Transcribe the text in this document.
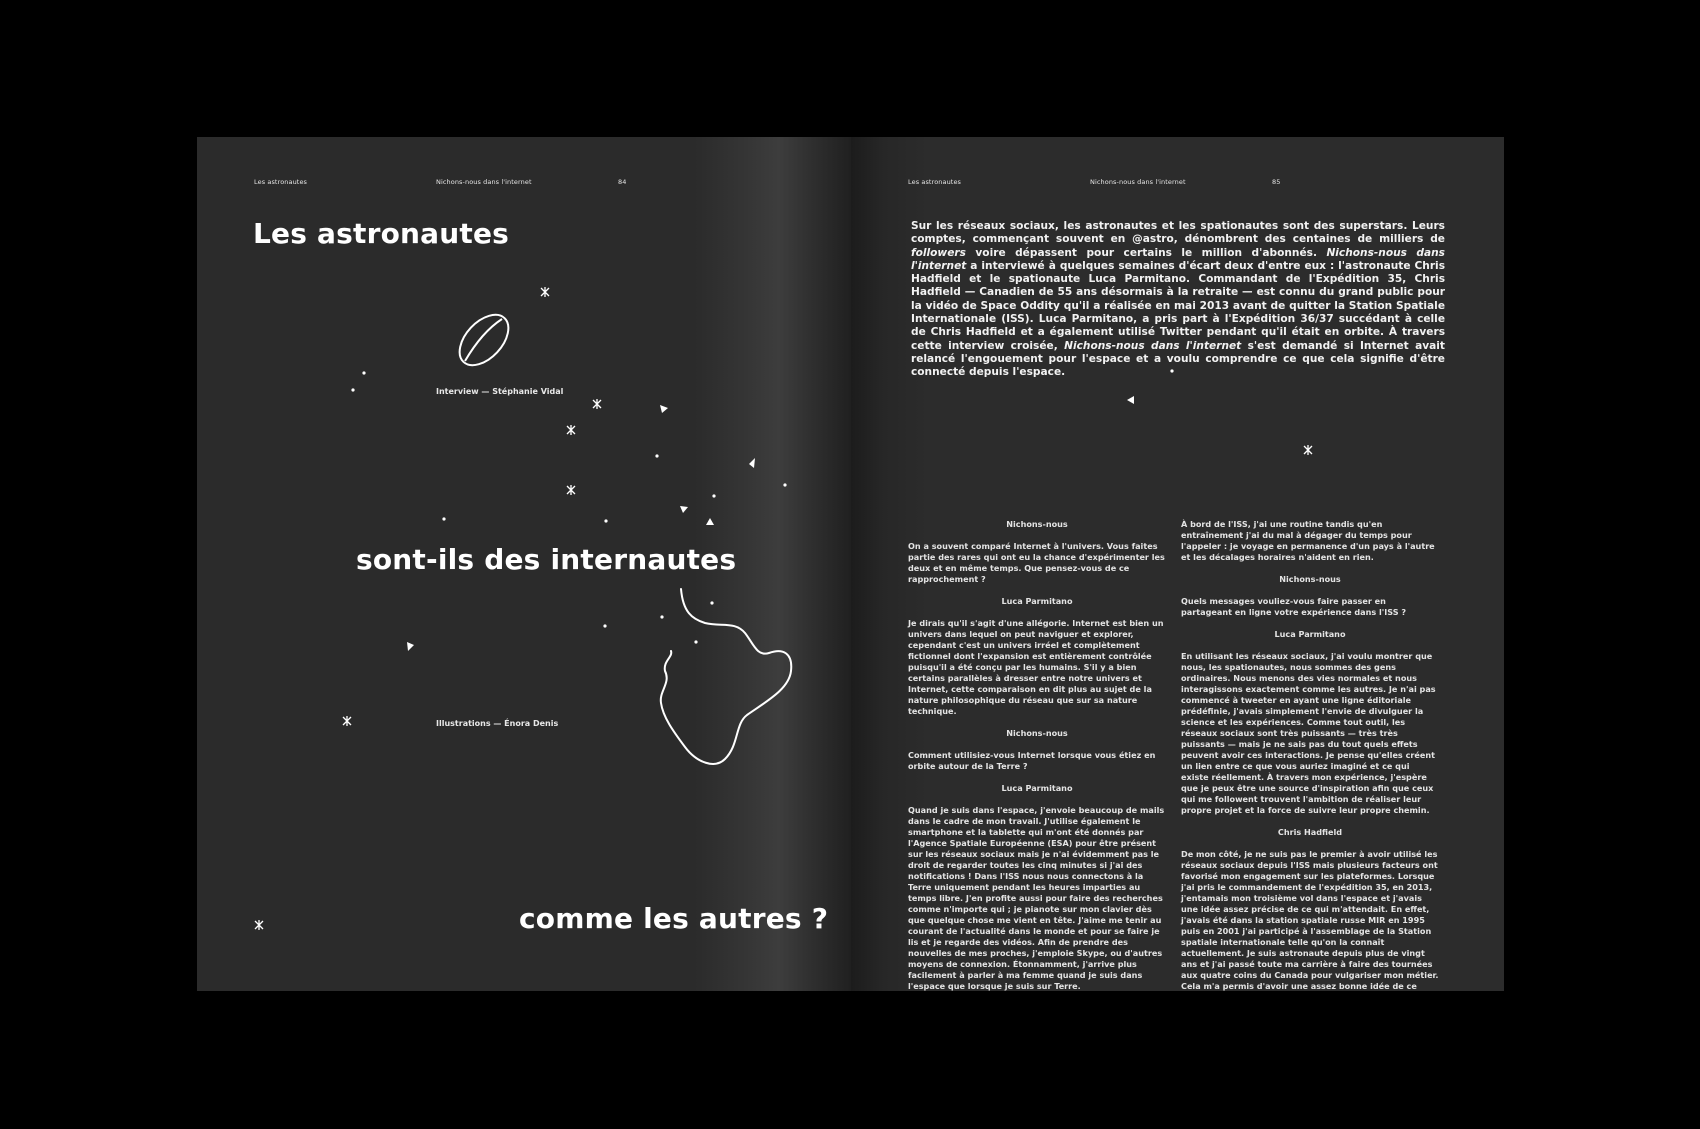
Les astronautes	Nichons-nous dans l'internet	84
Les astronautes
sont-ils des internautes
comme les autres ?
Interview — Stéphanie Vidal
Illustrations — Énora Denis
Les astronautes	Nichons-nous dans l'internet	85
Sur les réseaux sociaux, les astronautes et les spationautes sont des superstars. Leurs comptes, commençant souvent en @astro, dénombrent des centaines de milliers de followers voire dépassent pour certains le million d'abonnés. Nichons-nous dans l'internet a interviewé à quelques semaines d'écart deux d'entre eux : l'astronaute Chris Hadfield et le spationaute Luca Parmitano. Commandant de l'Expédition 35, Chris Hadfield — Canadien de 55 ans désormais à la retraite — est connu du grand public pour la vidéo de Space Oddity qu'il a réalisée en mai 2013 avant de quitter la Station Spatiale Internationale (ISS). Luca Parmitano, a pris part à l'Expédition 36/37 succédant à celle de Chris Hadfield et a également utilisé Twitter pendant qu'il était en orbite. À travers cette interview croisée, Nichons-nous dans l'internet s'est demandé si Internet avait relancé l'engouement pour l'espace et a voulu comprendre ce que cela signifie d'être connecté depuis l'espace.
Nichons-nous

On a souvent comparé Internet à l'univers. Vous faites partie des rares qui ont eu la chance d'expérimenter les deux et en même temps. Que pensez-vous de ce rapprochement ?

Luca Parmitano

Je dirais qu'il s'agit d'une allégorie. Internet est bien un univers dans lequel on peut naviguer et explorer, cependant c'est un univers irréel et complètement fictionnel dont l'expansion est entièrement contrôlée puisqu'il a été conçu par les humains. S'il y a bien certains parallèles à dresser entre notre univers et Internet, cette comparaison en dit plus au sujet de la nature philosophique du réseau que sur sa nature technique.

Nichons-nous

Comment utilisiez-vous Internet lorsque vous étiez en orbite autour de la Terre ?

Luca Parmitano

Quand je suis dans l'espace, j'envoie beaucoup de mails dans le cadre de mon travail. J'utilise également le smartphone et la tablette qui m'ont été donnés par l'Agence Spatiale Européenne (ESA) pour être présent sur les réseaux sociaux mais je n'ai évidemment pas le droit de regarder toutes les cinq minutes si j'ai des notifications ! Dans l'ISS nous nous connectons à la Terre uniquement pendant les heures imparties au temps libre. J'en profite aussi pour faire des recherches comme n'importe qui ; je pianote sur mon clavier dès que quelque chose me vient en tête. J'aime me tenir au courant de l'actualité dans le monde et pour se faire je lis et je regarde des vidéos. Afin de prendre des nouvelles de mes proches, j'emploie Skype, ou d'autres moyens de connexion. Étonnamment, j'arrive plus facilement à parler à ma femme quand je suis dans l'espace que lorsque je suis sur Terre.

À bord de l'ISS, j'ai une routine tandis qu'en entraînement j'ai du mal à dégager du temps pour l'appeler : je voyage en permanence d'un pays à l'autre et les décalages horaires n'aident en rien.

Nichons-nous

Quels messages vouliez-vous faire passer en partageant en ligne votre expérience dans l'ISS ?

Luca Parmitano

En utilisant les réseaux sociaux, j'ai voulu montrer que nous, les spationautes, nous sommes des gens ordinaires. Nous menons des vies normales et nous interagissons exactement comme les autres. Je n'ai pas commencé à tweeter en ayant une ligne éditoriale prédéfinie, j'avais simplement l'envie de divulguer la science et les expériences. Comme tout outil, les réseaux sociaux sont très puissants — très très puissants — mais je ne sais pas du tout quels effets peuvent avoir ces interactions. Je pense qu'elles créent un lien entre ce que vous auriez imaginé et ce qui existe réellement. À travers mon expérience, j'espère que je peux être une source d'inspiration afin que ceux qui me followent trouvent l'ambition de réaliser leur propre projet et la force de suivre leur propre chemin.

Chris Hadfield

De mon côté, je ne suis pas le premier à avoir utilisé les réseaux sociaux depuis l'ISS mais plusieurs facteurs ont favorisé mon engagement sur les plateformes. Lorsque j'ai pris le commandement de l'expédition 35, en 2013, j'entamais mon troisième vol dans l'espace et j'avais une idée assez précise de ce qui m'attendait. En effet, j'avais été dans la station spatiale russe MIR en 1995 puis en 2001 j'ai participé à l'assemblage de la Station spatiale internationale telle qu'on la connaît actuellement. Je suis astronaute depuis plus de vingt ans et j'ai passé toute ma carrière à faire des tournées aux quatre coins du Canada pour vulgariser mon métier. Cela m'a permis d'avoir une assez bonne idée de ce
